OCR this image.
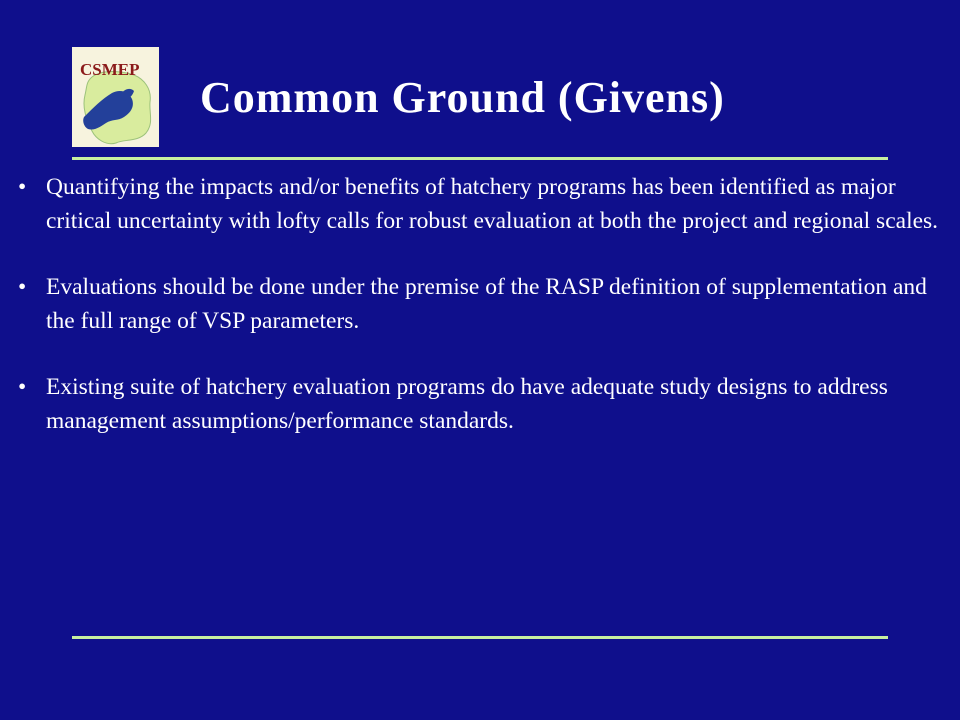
CSMEP
Common Ground (Givens)
• Quantifying the impacts and/or benefits of hatchery programs has been identified as major critical uncertainty with lofty calls for robust evaluation at both the project and regional scales.
• Evaluations should be done under the premise of the RASP definition of supplementation and the full range of VSP parameters.
• Existing suite of hatchery evaluation programs do have adequate study designs to address management assumptions/performance standards.
